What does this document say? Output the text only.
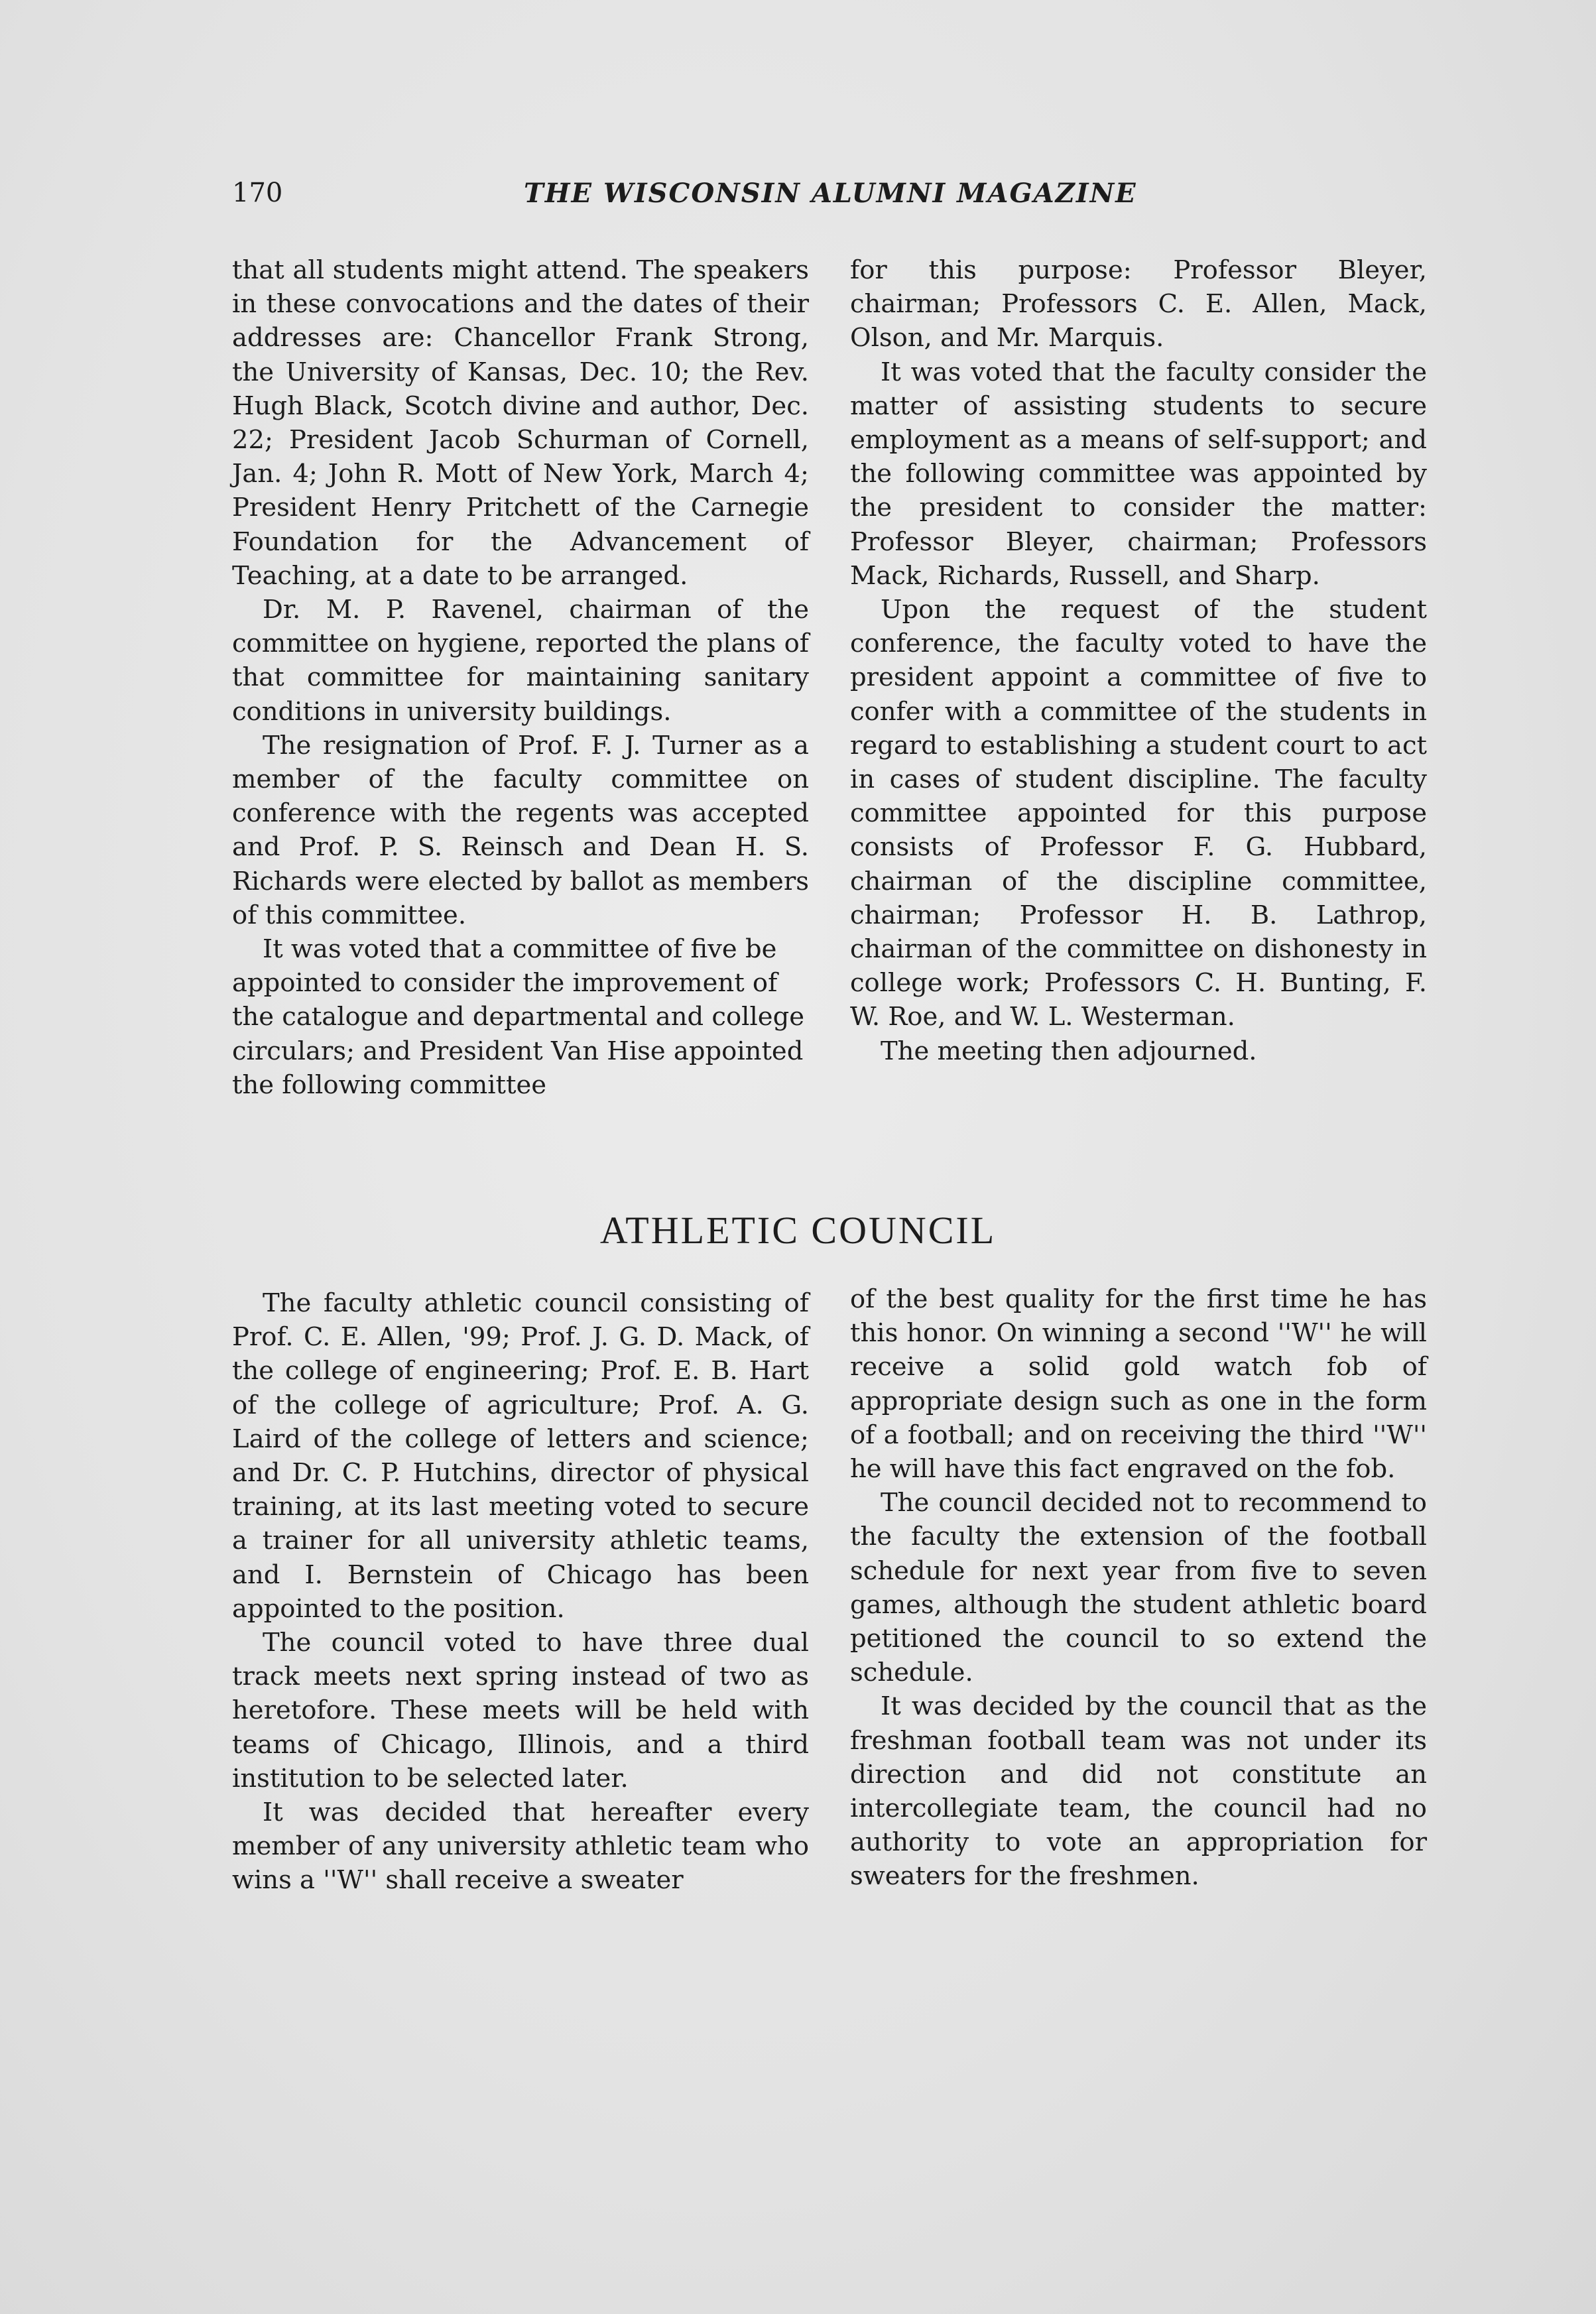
170	THE WISCONSIN ALUMNI MAGAZINE

that all students might attend. The speakers in these convocations and the dates of their addresses are: Chancellor Frank Strong, the University of Kansas, Dec. 10; the Rev. Hugh Black, Scotch divine and author, Dec. 22; President Jacob Schurman of Cornell, Jan. 4; John R. Mott of New York, March 4; President Henry Pritchett of the Carnegie Foundation for the Advancement of Teaching, at a date to be arranged.

Dr. M. P. Ravenel, chairman of the committee on hygiene, reported the plans of that committee for maintaining sanitary conditions in university buildings.

The resignation of Prof. F. J. Turner as a member of the faculty committee on conference with the regents was accepted and Prof. P. S. Reinsch and Dean H. S. Richards were elected by ballot as members of this committee.

It was voted that a committee of five be appointed to consider the improvement of the catalogue and departmental and college circulars; and President Van Hise appointed the following committee

for this purpose: Professor Bleyer, chairman; Professors C. E. Allen, Mack, Olson, and Mr. Marquis.

It was voted that the faculty consider the matter of assisting students to secure employment as a means of self-support; and the following committee was appointed by the president to consider the matter: Professor Bleyer, chairman; Professors Mack, Richards, Russell, and Sharp.

Upon the request of the student conference, the faculty voted to have the president appoint a committee of five to confer with a committee of the students in regard to establishing a student court to act in cases of student discipline. The faculty committee appointed for this purpose consists of Professor F. G. Hubbard, chairman of the discipline committee, chairman; Professor H. B. Lathrop, chairman of the committee on dishonesty in college work; Professors C. H. Bunting, F. W. Roe, and W. L. Westerman.

The meeting then adjourned.

ATHLETIC COUNCIL

The faculty athletic council consisting of Prof. C. E. Allen, '99; Prof. J. G. D. Mack, of the college of engineering; Prof. E. B. Hart of the college of agriculture; Prof. A. G. Laird of the college of letters and science; and Dr. C. P. Hutchins, director of physical training, at its last meeting voted to secure a trainer for all university athletic teams, and I. Bernstein of Chicago has been appointed to the position.

The council voted to have three dual track meets next spring instead of two as heretofore. These meets will be held with teams of Chicago, Illinois, and a third institution to be selected later.

It was decided that hereafter every member of any university athletic team who wins a ''W'' shall receive a sweater

of the best quality for the first time he has this honor. On winning a second ''W'' he will receive a solid gold watch fob of appropriate design such as one in the form of a football; and on receiving the third ''W'' he will have this fact engraved on the fob.

The council decided not to recommend to the faculty the extension of the football schedule for next year from five to seven games, although the student athletic board petitioned the council to so extend the schedule.

It was decided by the council that as the freshman football team was not under its direction and did not constitute an intercollegiate team, the council had no authority to vote an appropriation for sweaters for the freshmen.
